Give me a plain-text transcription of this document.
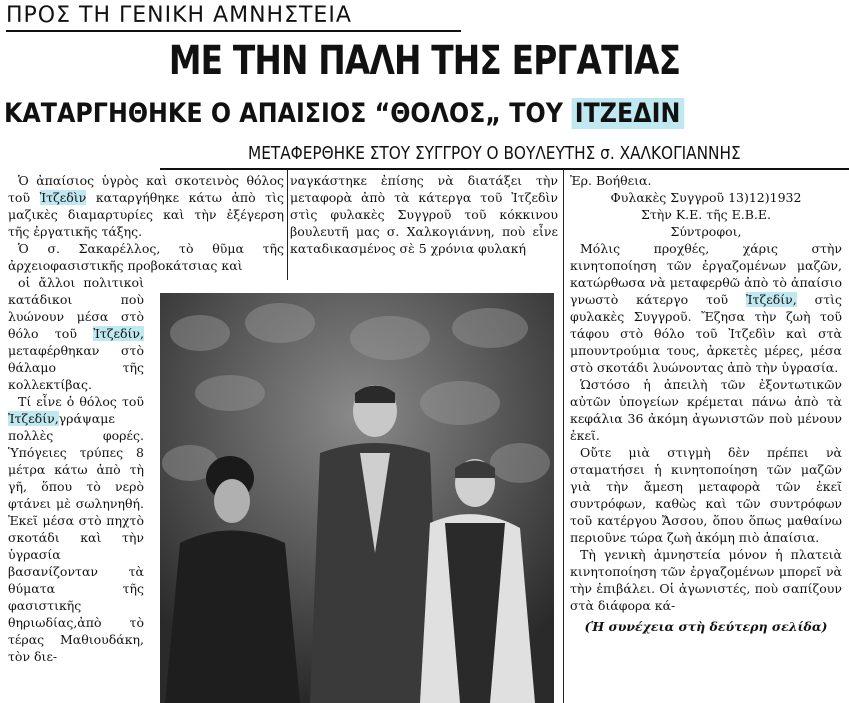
ΠΡΟΣ ΤΗ ΓΕΝΙΚΗ ΑΜΝΗΣΤΕΙΑ
ΜΕ ΤΗΝ ΠΑΛΗ ΤΗΣ ΕΡΓΑΤΙΑΣ
ΚΑΤΑΡΓΗΘΗΚΕ Ο ΑΠΑΙΣΙΟΣ “ΘΟΛΟΣ„ ΤΟΥ ΙΤΖΕΔΙΝ
ΜΕΤΑΦΕΡΘΗΚΕ ΣΤΟΥ ΣΥΓΓΡΟΥ Ο ΒΟΥΛΕΥΤΗΣ σ. ΧΑΛΚΟΓΙΑΝΝΗΣ

Ὁ ἀπαίσιος ὑγρὸς καὶ σκοτεινὸς θόλος τοῦ Ἰτζεδὶν καταργήθηκε κάτω ἀπὸ τὶς μαζικὲς διαμαρτυρίες καὶ τὴν ἐξέγερση τῆς ἐργατικῆς τάξης.

Ὁ σ. Σακαρέλλος, τὸ θῦμα τῆς ἀρχειοφασιστικῆς προβοκάτσιας καὶ

οἱ ἄλλοι πολιτικοὶ κατάδικοι ποὺ λυώνουν μέσα στὸ θόλο τοῦ Ἰτζεδίν, μεταφέρθηκαν στὸ θάλαμο τῆς κολλεκτίβας.

Τί εἶνε ὁ θόλος τοῦ Ἰτζεδίν,γράψαμε πολλὲς φορές. Ὑπόγειες τρύπες 8 μέτρα κάτω ἀπὸ τὴ γῆ, ὅπου τὸ νερὸ φτάνει μὲ σωληνηθή. Ἐκεῖ μέσα στὸ πηχτὸ σκοτάδι καὶ τὴν ὑγρασία βασανίζονταν τὰ θύματα τῆς φασιστικῆς θηριωδίας,ἀπὸ τὸ τέρας Μαθιουδάκη, τὸν διε-

ναγκάστηκε ἐπίσης νὰ διατάξει τὴν μεταφορὰ ἀπὸ τὰ κάτεργα τοῦ Ἰτζεδὶν στὶς φυλακὲς Συγγροῦ τοῦ κόκκινου βουλευτῆ μας σ. Χαλκογιάννη, ποὺ εἶνε καταδικασμένος σὲ 5 χρόνια φυλακή

Ἐρ. Βοήθεια.

Φυλακὲς Συγγροῦ 13)12)1932

Στὴν Κ.Ε. τῆς Ε.Β.Ε.

Σύντροφοι,

Μόλις προχθές, χάρις στὴν κινητοποίηση τῶν ἐργαζομένων μαζῶν, κατώρθωσα νὰ μεταφερθῶ ἀπὸ τὸ ἀπαίσιο γνωστὸ κάτεργο τοῦ Ἰτζεδίν, στὶς φυλακὲς Συγγροῦ. Ἔζησα τὴν ζωὴ τοῦ τάφου στὸ θόλο τοῦ Ἰτζεδὶν καὶ στὰ μπουντρούμια τους, ἀρκετὲς μέρες, μέσα στὸ σκοτάδι λυώνοντας ἀπὸ τὴν ὑγρασία.

Ὡστόσο ἡ ἀπειλὴ τῶν ἐξοντωτικῶν αὐτῶν ὑπογείων κρέμεται πάνω ἀπὸ τὰ κεφάλια 36 ἀκόμη ἀγωνιστῶν ποὺ μένουν ἐκεῖ.

Οὔτε μιὰ στιγμὴ δὲν πρέπει νὰ σταματήσει ἡ κινητοποίηση τῶν μαζῶν γιὰ τὴν ἄμεση μεταφορὰ τῶν ἐκεῖ συντρόφων, καθὼς καὶ τῶν συντρόφων τοῦ κατέργου Ἄσσου, ὅπου ὅπως μαθαίνω περιοῦνε τώρα ζωὴ ἀκόμη πιὸ ἀπαίσια.

Τὴ γενικὴ ἀμνηστεία μόνον ἡ πλατειὰ κινητοποίηση τῶν ἐργαζομένων μπορεῖ νὰ τὴν ἐπιβάλει. Οἱ ἀγωνιστές, ποὺ σαπίζουν στὰ διάφορα κά-

(Ἡ συνέχεια στὴ δεύτερη σελίδα)
